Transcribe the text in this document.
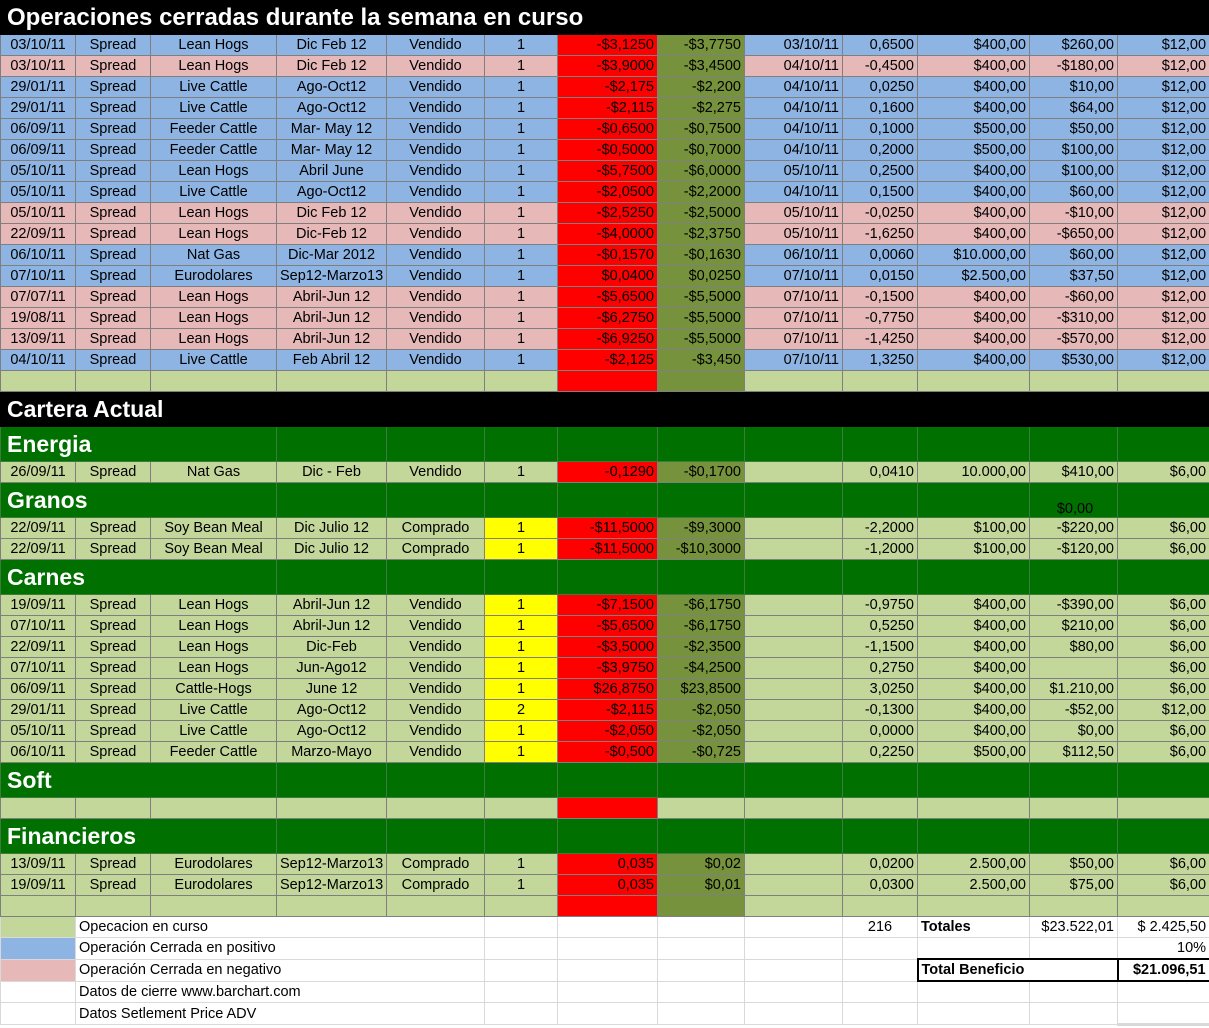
Operaciones cerradas durante la semana en curso												
03/10/11	Spread	Lean Hogs	Dic Feb 12	Vendido	1	-$3,1250	-$3,7750	03/10/11	0,6500	$400,00	$260,00	$12,00
03/10/11	Spread	Lean Hogs	Dic Feb 12	Vendido	1	-$3,9000	-$3,4500	04/10/11	-0,4500	$400,00	-$180,00	$12,00
29/01/11	Spread	Live Cattle	Ago-Oct12	Vendido	1	-$2,175	-$2,200	04/10/11	0,0250	$400,00	$10,00	$12,00
29/01/11	Spread	Live Cattle	Ago-Oct12	Vendido	1	-$2,115	-$2,275	04/10/11	0,1600	$400,00	$64,00	$12,00
06/09/11	Spread	Feeder Cattle	Mar- May 12	Vendido	1	-$0,6500	-$0,7500	04/10/11	0,1000	$500,00	$50,00	$12,00
06/09/11	Spread	Feeder Cattle	Mar- May 12	Vendido	1	-$0,5000	-$0,7000	04/10/11	0,2000	$500,00	$100,00	$12,00
05/10/11	Spread	Lean Hogs	Abril June	Vendido	1	-$5,7500	-$6,0000	05/10/11	0,2500	$400,00	$100,00	$12,00
05/10/11	Spread	Live Cattle	Ago-Oct12	Vendido	1	-$2,0500	-$2,2000	04/10/11	0,1500	$400,00	$60,00	$12,00
05/10/11	Spread	Lean Hogs	Dic Feb 12	Vendido	1	-$2,5250	-$2,5000	05/10/11	-0,0250	$400,00	-$10,00	$12,00
22/09/11	Spread	Lean Hogs	Dic-Feb 12	Vendido	1	-$4,0000	-$2,3750	05/10/11	-1,6250	$400,00	-$650,00	$12,00
06/10/11	Spread	Nat Gas	Dic-Mar 2012	Vendido	1	-$0,1570	-$0,1630	06/10/11	0,0060	$10.000,00	$60,00	$12,00
07/10/11	Spread	Eurodolares	Sep12-Marzo13	Vendido	1	$0,0400	$0,0250	07/10/11	0,0150	$2.500,00	$37,50	$12,00
07/07/11	Spread	Lean Hogs	Abril-Jun 12	Vendido	1	-$5,6500	-$5,5000	07/10/11	-0,1500	$400,00	-$60,00	$12,00
19/08/11	Spread	Lean Hogs	Abril-Jun 12	Vendido	1	-$6,2750	-$5,5000	07/10/11	-0,7750	$400,00	-$310,00	$12,00
13/09/11	Spread	Lean Hogs	Abril-Jun 12	Vendido	1	-$6,9250	-$5,5000	07/10/11	-1,4250	$400,00	-$570,00	$12,00
04/10/11	Spread	Live Cattle	Feb Abril 12	Vendido	1	-$2,125	-$3,450	07/10/11	1,3250	$400,00	$530,00	$12,00

Cartera Actual												
Energia												
26/09/11	Spread	Nat Gas	Dic - Feb	Vendido	1	-0,1290	-$0,1700		0,0410	10.000,00	$410,00	$6,00
Granos											$0,00	
22/09/11	Spread	Soy Bean Meal	Dic Julio 12	Comprado	1	-$11,5000	-$9,3000		-2,2000	$100,00	-$220,00	$6,00
22/09/11	Spread	Soy Bean Meal	Dic Julio 12	Comprado	1	-$11,5000	-$10,3000		-1,2000	$100,00	-$120,00	$6,00
Carnes												
19/09/11	Spread	Lean Hogs	Abril-Jun 12	Vendido	1	-$7,1500	-$6,1750		-0,9750	$400,00	-$390,00	$6,00
07/10/11	Spread	Lean Hogs	Abril-Jun 12	Vendido	1	-$5,6500	-$6,1750		0,5250	$400,00	$210,00	$6,00
22/09/11	Spread	Lean Hogs	Dic-Feb	Vendido	1	-$3,5000	-$2,3500		-1,1500	$400,00	$80,00	$6,00
07/10/11	Spread	Lean Hogs	Jun-Ago12	Vendido	1	-$3,9750	-$4,2500		0,2750	$400,00		$6,00
06/09/11	Spread	Cattle-Hogs	June 12	Vendido	1	$26,8750	$23,8500		3,0250	$400,00	$1.210,00	$6,00
29/01/11	Spread	Live Cattle	Ago-Oct12	Vendido	2	-$2,115	-$2,050		-0,1300	$400,00	-$52,00	$12,00
05/10/11	Spread	Live Cattle	Ago-Oct12	Vendido	1	-$2,050	-$2,050		0,0000	$400,00	$0,00	$6,00
06/10/11	Spread	Feeder Cattle	Marzo-Mayo	Vendido	1	-$0,500	-$0,725		0,2250	$500,00	$112,50	$6,00
Soft												

Financieros												
13/09/11	Spread	Eurodolares	Sep12-Marzo13	Comprado	1	0,035	$0,02		0,0200	2.500,00	$50,00	$6,00
19/09/11	Spread	Eurodolares	Sep12-Marzo13	Comprado	1	0,035	$0,01		0,0300	2.500,00	$75,00	$6,00

	Opecacion en curso								216	Totales	$23.522,01	$ 2.425,50
	Operación Cerrada en positivo											10%
	Operación Cerrada en negativo									Total Beneficio		$21.096,51
	Datos de cierre www.barchart.com											
	Datos Setlement Price ADV											
